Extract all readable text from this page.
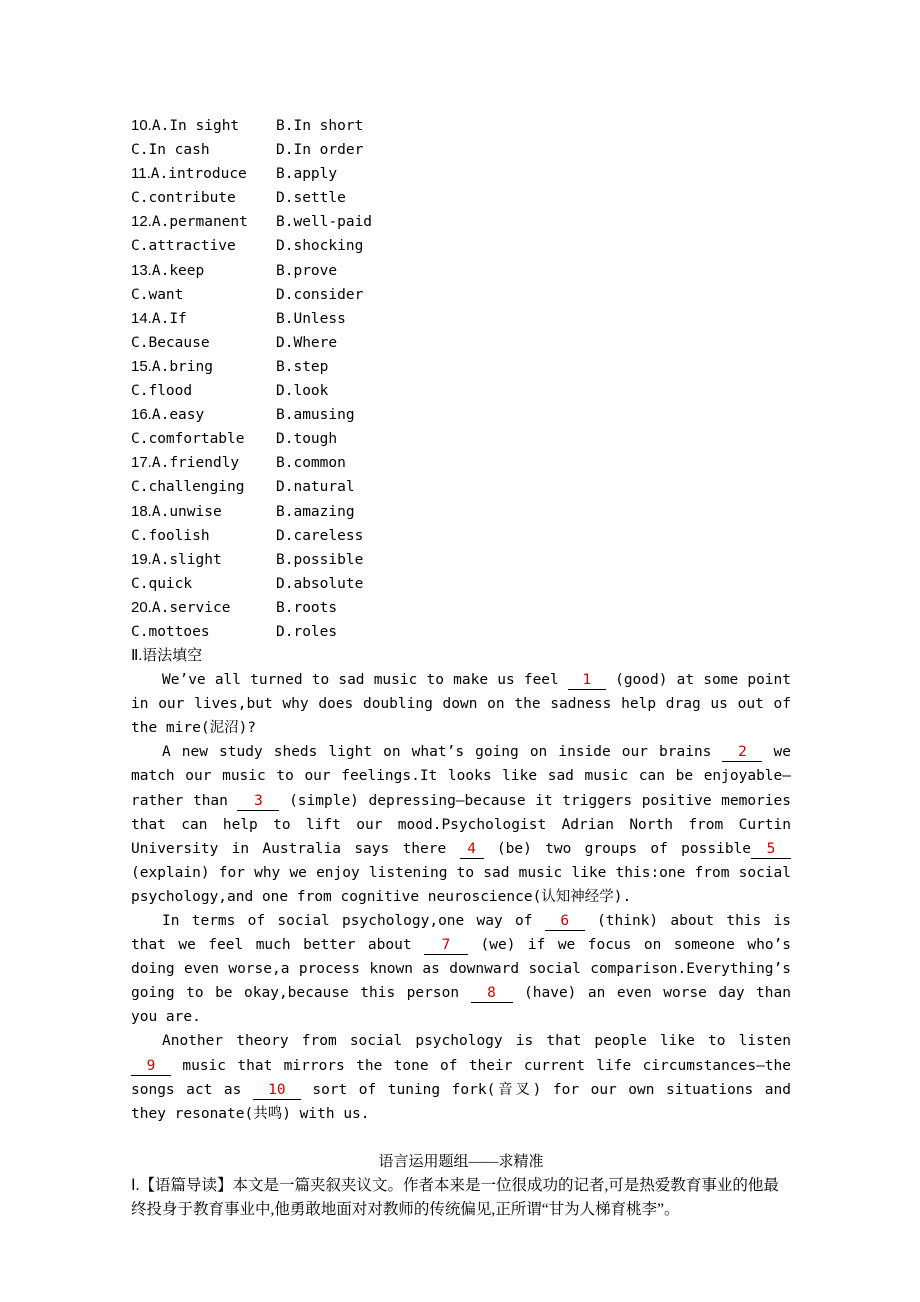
10.A.In sight	B.In short
C.In cash	D.In order
11.A.introduce	B.apply
C.contribute	D.settle
12.A.permanent	B.well-paid
C.attractive	D.shocking
13.A.keep	B.prove
C.want	D.consider
14.A.If	B.Unless
C.Because	D.Where
15.A.bring	B.step
C.flood	D.look
16.A.easy	B.amusing
C.comfortable	D.tough
17.A.friendly	B.common
C.challenging	D.natural
18.A.unwise	B.amazing
C.foolish	D.careless
19.A.slight	B.possible
C.quick	D.absolute
20.A.service	B.roots
C.mottoes	D.roles
Ⅱ.语法填空

We’ve all turned to sad music to make us feel 1 (good) at some point in our lives,but why does doubling down on the sadness help drag us out of the mire(泥沼)?

A new study sheds light on what’s going on inside our brains 2 we match our music to our feelings.It looks like sad music can be enjoyable—rather than 3 (simple) depressing—because it triggers positive memories that can help to lift our mood.Psychologist Adrian North from Curtin University in Australia says there 4 (be) two groups of possible 5(explain) for why we enjoy listening to sad music like this:one from social psychology,and one from cognitive neuroscience(认知神经学).

In terms of social psychology,one way of 6 (think) about this is that we feel much better about 7 (we) if we focus on someone who’s doing even worse,a process known as downward social comparison.Everything’s going to be okay,because this person 8 (have) an even worse day than you are.

Another theory from social psychology is that people like to listen 9 music that mirrors the tone of their current life circumstances—the songs act as 10 sort of tuning fork(音叉) for our own situations and they resonate(共鸣) with us.

语言运用题组——求精准

Ⅰ.【语篇导读】本文是一篇夹叙夹议文。作者本来是一位很成功的记者,可是热爱教育事业的他最终投身于教育事业中,他勇敢地面对对教师的传统偏见,正所谓“甘为人梯育桃李”。
